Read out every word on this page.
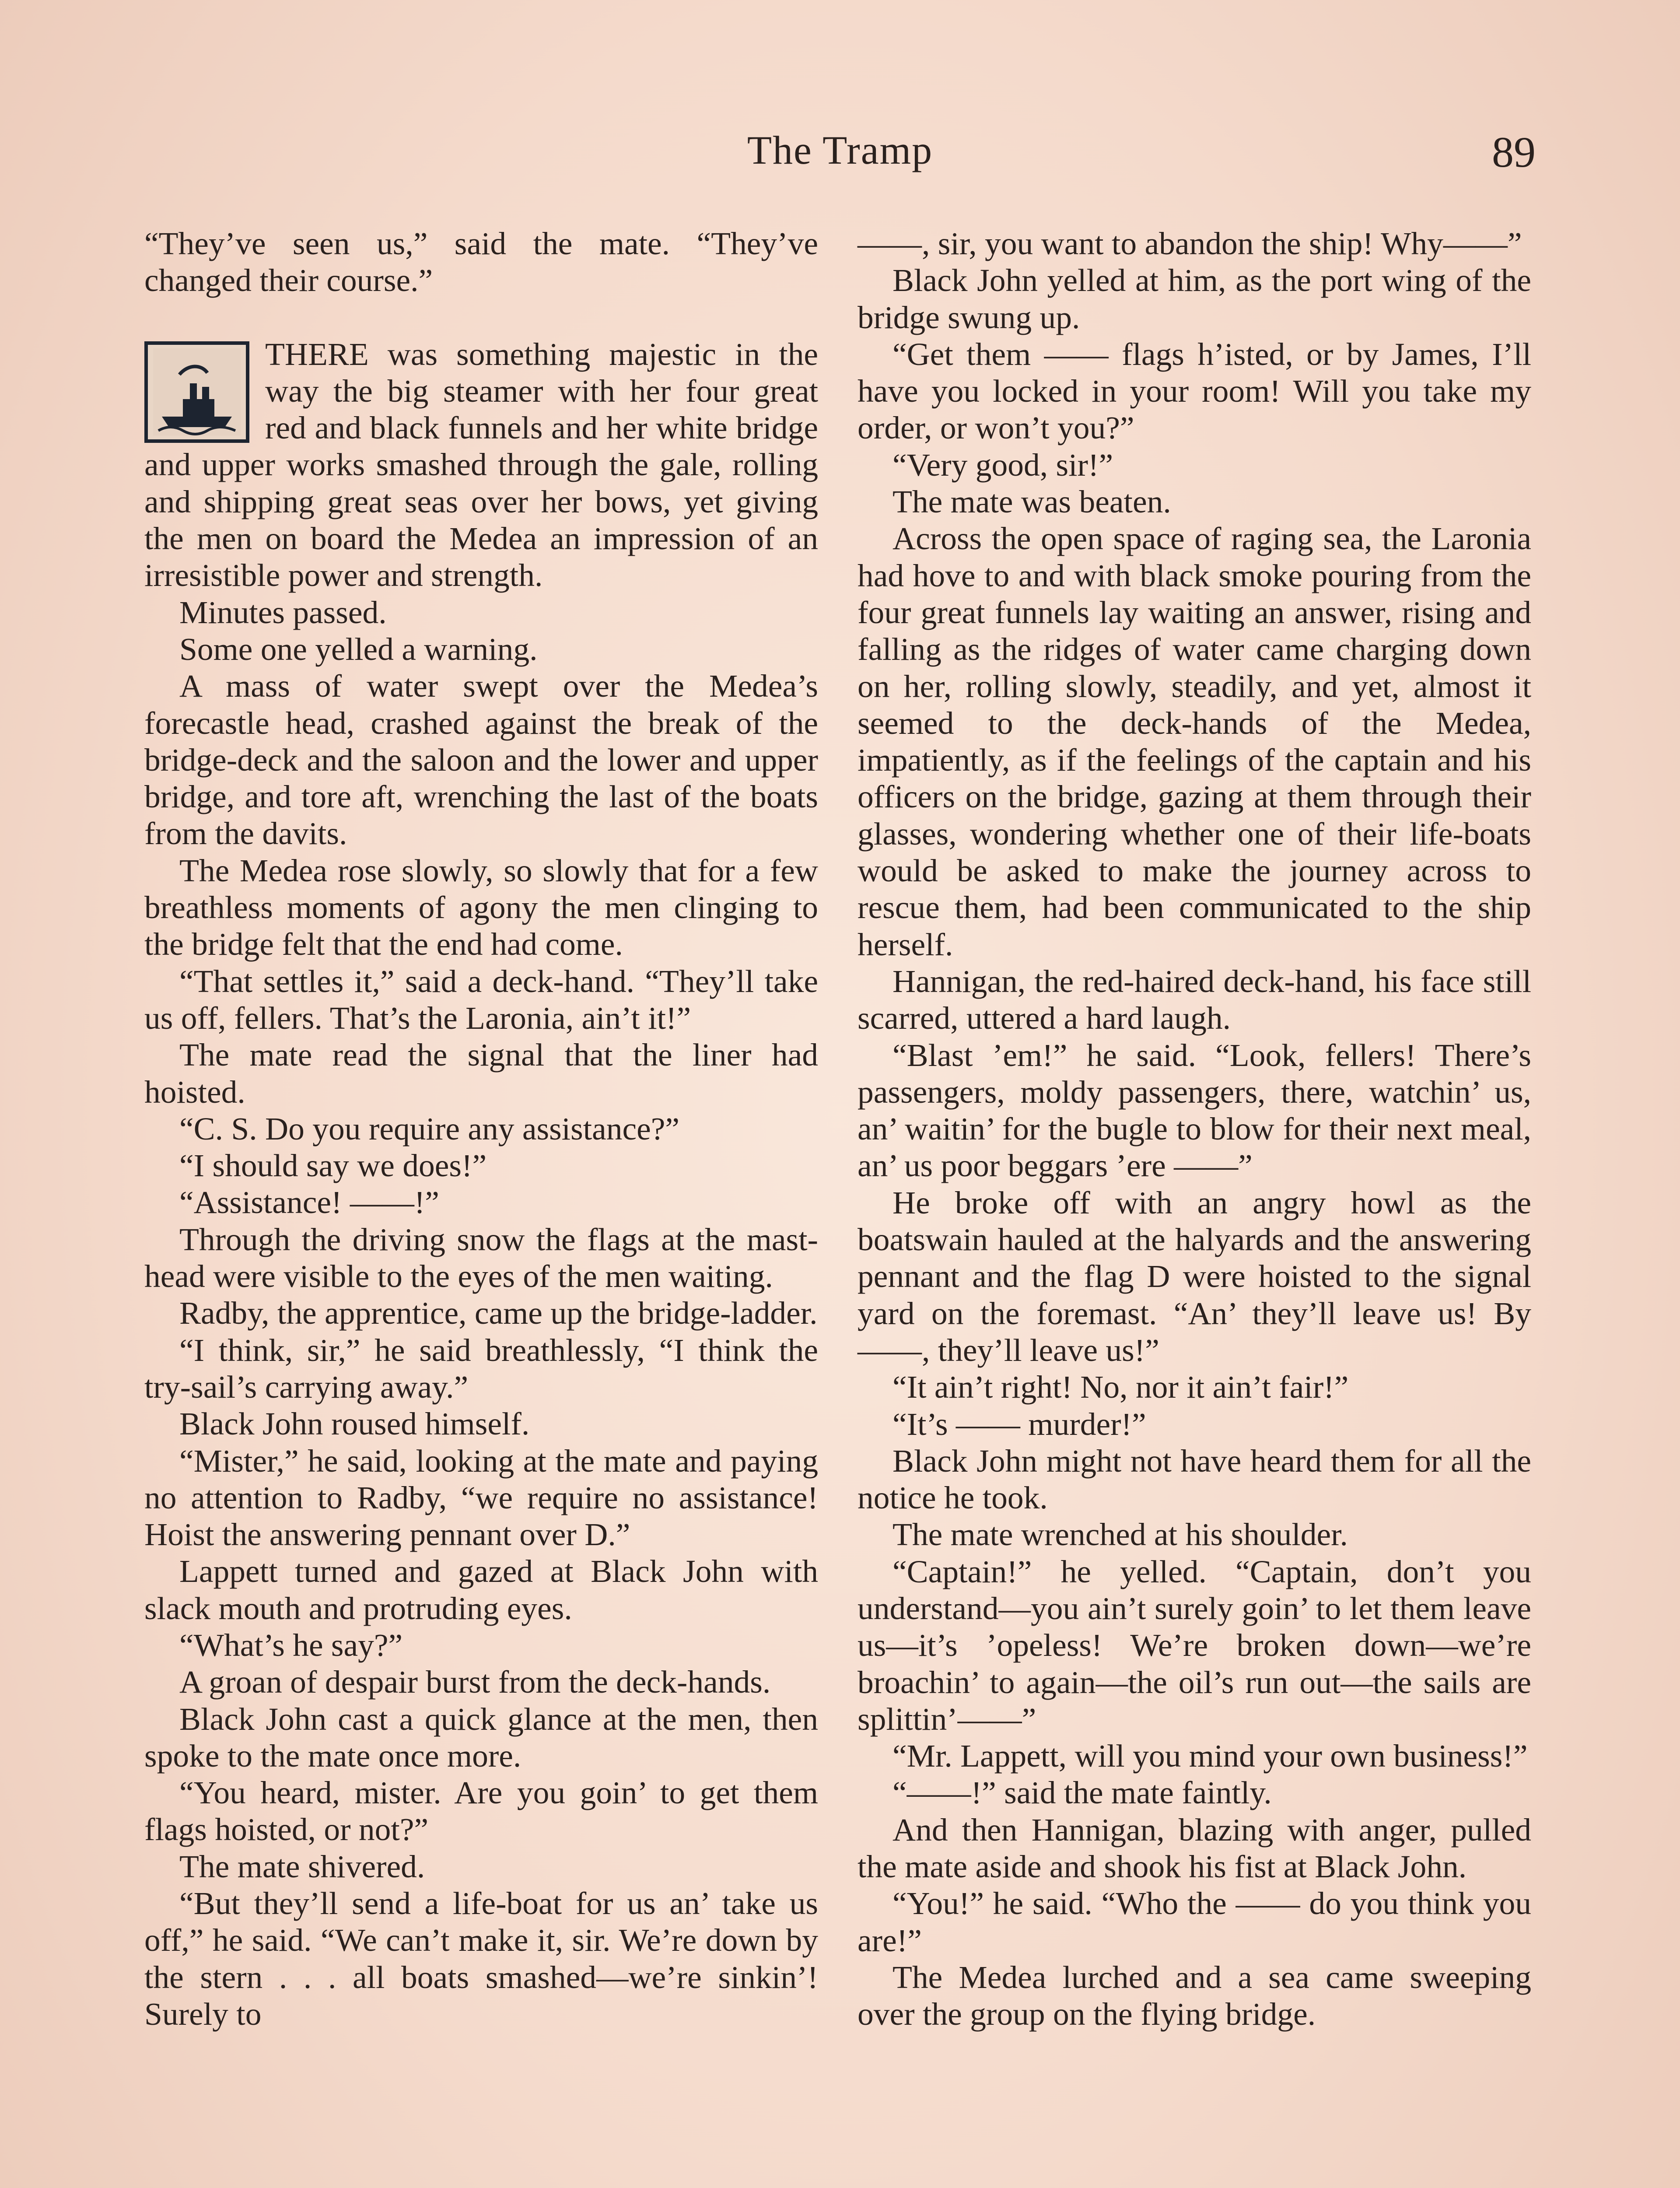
The Tramp	89

“They’ve seen us,” said the mate. “They’ve changed their course.”

THERE was something majestic in the way the big steamer with her four great red and black funnels and her white bridge and upper works smashed through the gale, rolling and shipping great seas over her bows, yet giving the men on board the Medea an impression of an irresistible power and strength.

Minutes passed.

Some one yelled a warning.

A mass of water swept over the Medea’s forecastle head, crashed against the break of the bridge-deck and the saloon and the lower and upper bridge, and tore aft, wrenching the last of the boats from the davits.

The Medea rose slowly, so slowly that for a few breathless moments of agony the men clinging to the bridge felt that the end had come.

“That settles it,” said a deck-hand. “They’ll take us off, fellers. That’s the Laronia, ain’t it!”

The mate read the signal that the liner had hoisted.

“C. S. Do you require any assistance?”

“I should say we does!”

“Assistance! ——!”

Through the driving snow the flags at the mast-head were visible to the eyes of the men waiting.

Radby, the apprentice, came up the bridge-ladder.

“I think, sir,” he said breathlessly, “I think the try-sail’s carrying away.”

Black John roused himself.

“Mister,” he said, looking at the mate and paying no attention to Radby, “we require no assistance! Hoist the answering pennant over D.”

Lappett turned and gazed at Black John with slack mouth and protruding eyes.

“What’s he say?”

A groan of despair burst from the deck-hands.

Black John cast a quick glance at the men, then spoke to the mate once more.

“You heard, mister. Are you goin’ to get them flags hoisted, or not?”

The mate shivered.

“But they’ll send a life-boat for us an’ take us off,” he said. “We can’t make it, sir. We’re down by the stern . . . all boats smashed—we’re sinkin’! Surely to

——, sir, you want to abandon the ship! Why——”

Black John yelled at him, as the port wing of the bridge swung up.

“Get them —— flags h’isted, or by James, I’ll have you locked in your room! Will you take my order, or won’t you?”

“Very good, sir!”

The mate was beaten.

Across the open space of raging sea, the Laronia had hove to and with black smoke pouring from the four great funnels lay waiting an answer, rising and falling as the ridges of water came charging down on her, rolling slowly, steadily, and yet, almost it seemed to the deck-hands of the Medea, impatiently, as if the feelings of the captain and his officers on the bridge, gazing at them through their glasses, wondering whether one of their life-boats would be asked to make the journey across to rescue them, had been communicated to the ship herself.

Hannigan, the red-haired deck-hand, his face still scarred, uttered a hard laugh.

“Blast ’em!” he said. “Look, fellers! There’s passengers, moldy passengers, there, watchin’ us, an’ waitin’ for the bugle to blow for their next meal, an’ us poor beggars ’ere ——”

He broke off with an angry howl as the boatswain hauled at the halyards and the answering pennant and the flag D were hoisted to the signal yard on the foremast. “An’ they’ll leave us! By ——, they’ll leave us!”

“It ain’t right! No, nor it ain’t fair!”

“It’s —— murder!”

Black John might not have heard them for all the notice he took.

The mate wrenched at his shoulder.

“Captain!” he yelled. “Captain, don’t you understand—you ain’t surely goin’ to let them leave us—it’s ’opeless! We’re broken down—we’re broachin’ to again—the oil’s run out—the sails are splittin’——”

“Mr. Lappett, will you mind your own business!”

“——!” said the mate faintly.

And then Hannigan, blazing with anger, pulled the mate aside and shook his fist at Black John.

“You!” he said. “Who the —— do you think you are!”

The Medea lurched and a sea came sweeping over the group on the flying bridge.
